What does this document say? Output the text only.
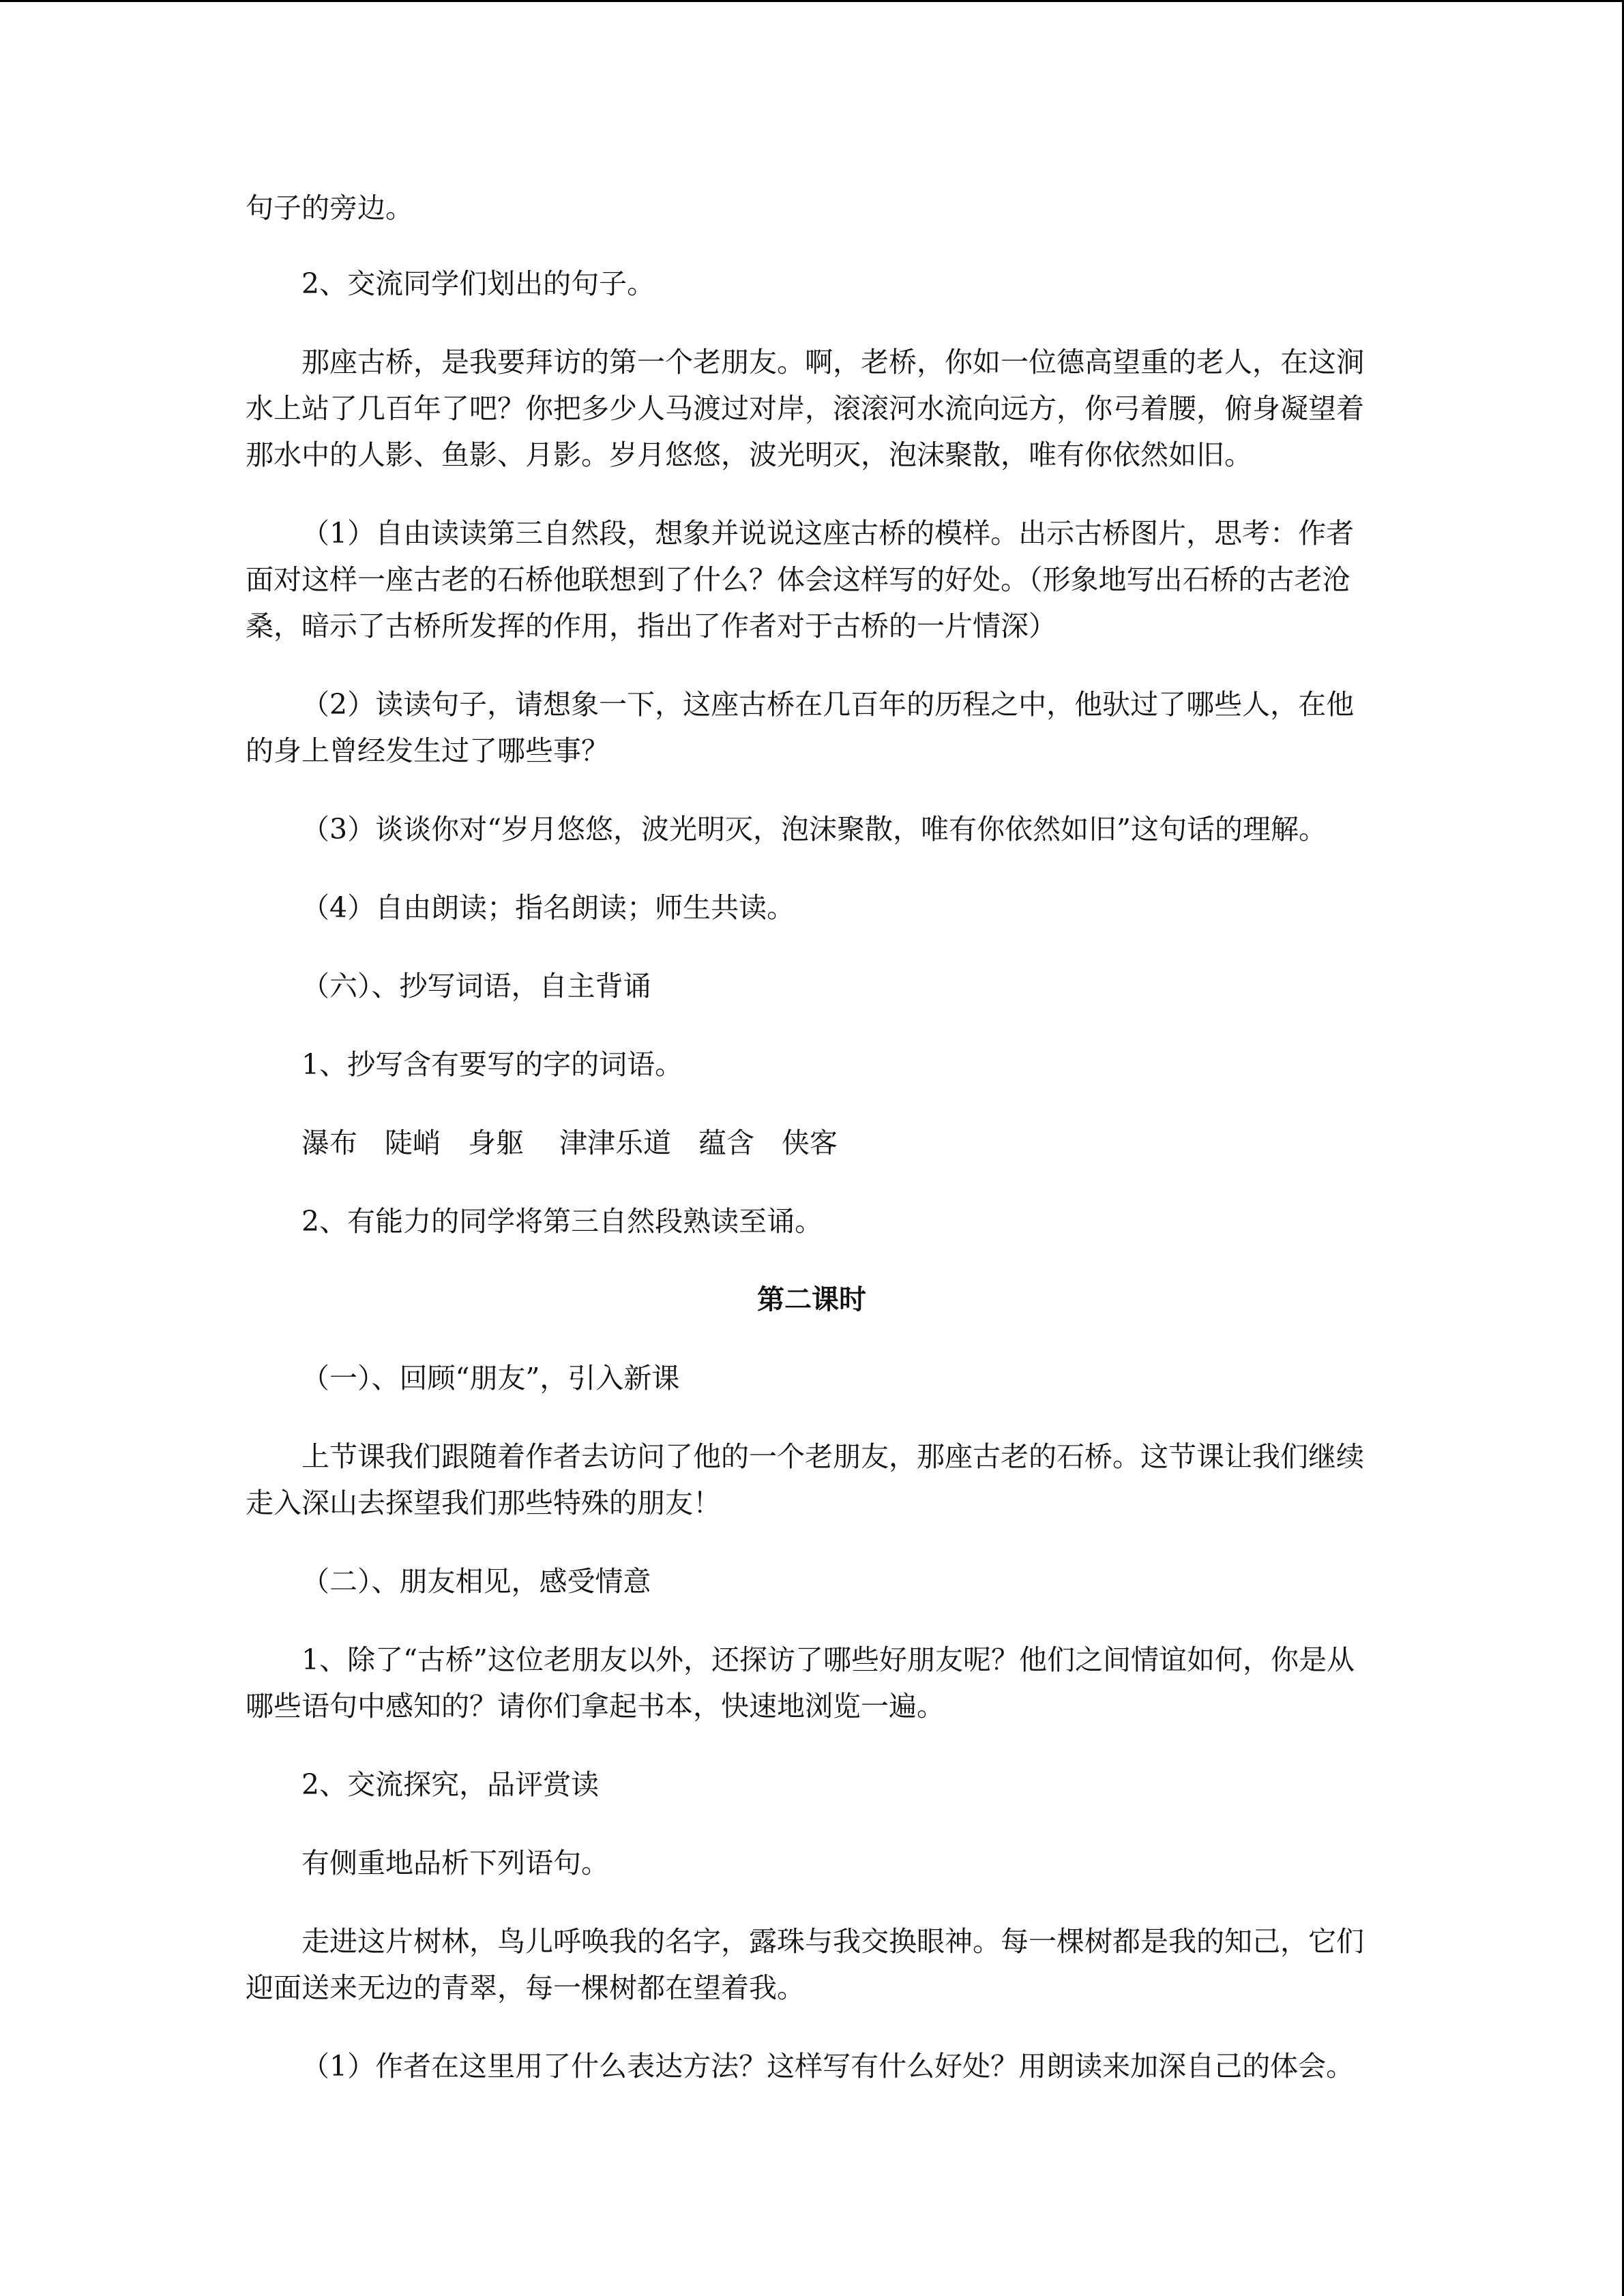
句子的旁边。

2、交流同学们划出的句子。

那座古桥，是我要拜访的第一个老朋友。啊，老桥，你如一位德高望重的老人，在这涧水上站了几百年了吧？你把多少人马渡过对岸，滚滚河水流向远方，你弓着腰，俯身凝望着那水中的人影、鱼影、月影。岁月悠悠，波光明灭，泡沫聚散，唯有你依然如旧。

（1）自由读读第三自然段，想象并说说这座古桥的模样。出示古桥图片，思考：作者面对这样一座古老的石桥他联想到了什么？体会这样写的好处。（形象地写出石桥的古老沧桑，暗示了古桥所发挥的作用，指出了作者对于古桥的一片情深）

（2）读读句子，请想象一下，这座古桥在几百年的历程之中，他驮过了哪些人，在他的身上曾经发生过了哪些事？

（3）谈谈你对“岁月悠悠，波光明灭，泡沫聚散，唯有你依然如旧”这句话的理解。

（4）自由朗读；指名朗读；师生共读。

（六）、抄写词语，自主背诵

1、抄写含有要写的字的词语。

瀑布 陡峭 身躯 津津乐道 蕴含 侠客

2、有能力的同学将第三自然段熟读至诵。

第二课时

（一）、回顾“朋友”，引入新课

上节课我们跟随着作者去访问了他的一个老朋友，那座古老的石桥。这节课让我们继续走入深山去探望我们那些特殊的朋友！

（二）、朋友相见，感受情意

1、除了“古桥”这位老朋友以外，还探访了哪些好朋友呢？他们之间情谊如何，你是从哪些语句中感知的？请你们拿起书本，快速地浏览一遍。

2、交流探究，品评赏读

有侧重地品析下列语句。

走进这片树林，鸟儿呼唤我的名字，露珠与我交换眼神。每一棵树都是我的知己，它们迎面送来无边的青翠，每一棵树都在望着我。

（1）作者在这里用了什么表达方法？这样写有什么好处？用朗读来加深自己的体会。
